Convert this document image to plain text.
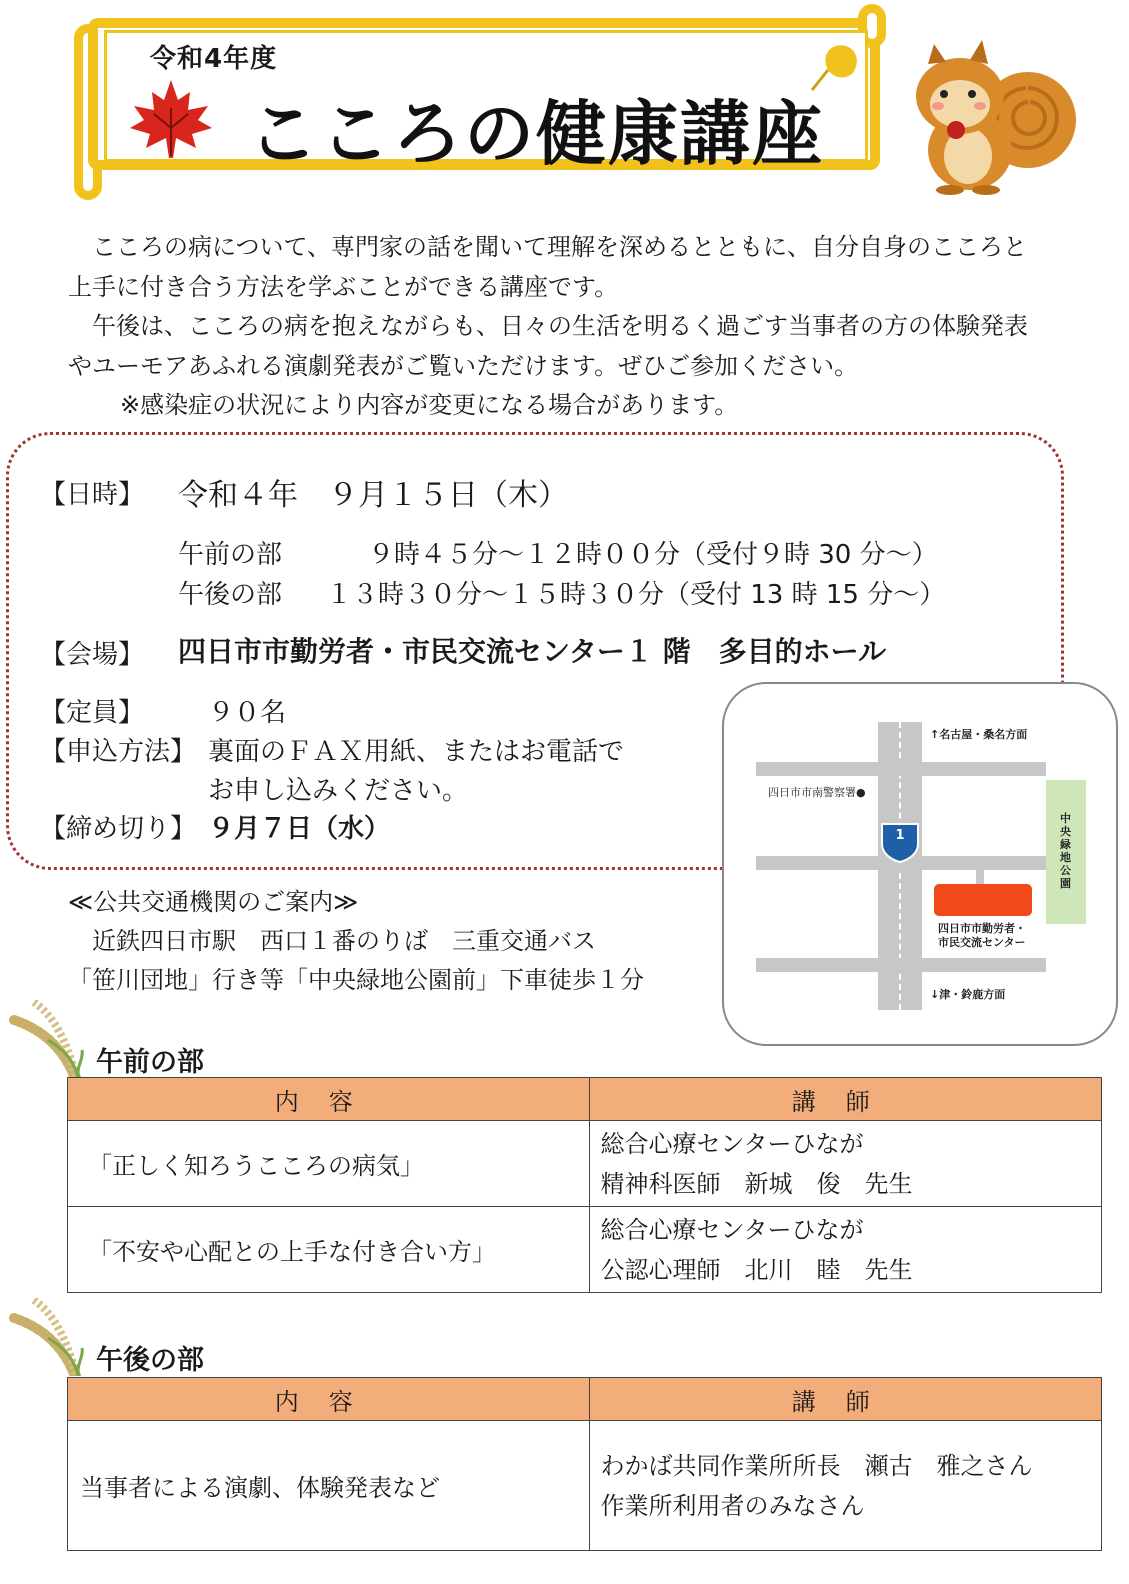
令和4年度
こころの健康講座

こころの病について、専門家の話を聞いて理解を深めるとともに、自分自身のこころと

上手に付き合う方法を学ぶことができる講座です。

午後は、こころの病を抱えながらも、日々の生活を明るく過ごす当事者の方の体験発表

やユーモアあふれる演劇発表がご覧いただけます。ぜひご参加ください。

※感染症の状況により内容が変更になる場合があります。

【日時】 令和４年　９月１５日（木）
午前の部	９時４５分～１２時００分（受付９時 30 分～）
午後の部 １３時３０分～１５時３０分（受付 13 時 15 分～）
【会場】 四日市市勤労者・市民交流センター１ 階　多目的ホール
【定員】 ９０名
【申込方法】 裏面のＦＡＸ用紙、またはお電話で
お申し込みください。
【締め切り】 ９月７日（水）
≪公共交通機関のご案内≫
近鉄四日市駅　西口１番のりば　三重交通バス
「笹川団地」行き等「中央緑地公園前」下車徒歩１分
中央緑地公園
四日市市勤労者・
市民交流センター
↑名古屋・桑名方面
↓津・鈴鹿方面
四日市市南警察署●
1
午前の部
内容	講師
「正しく知ろうこころの病気」	総合心療センターひなが
精神科医師　新城　俊　先生

「不安や心配との上手な付き合い方」	総合心療センターひなが
公認心理師　北川　睦　先生
午後の部
内容	講師
当事者による演劇、体験発表など	わかば共同作業所所長　瀬古　雅之さん
作業所利用者のみなさん
